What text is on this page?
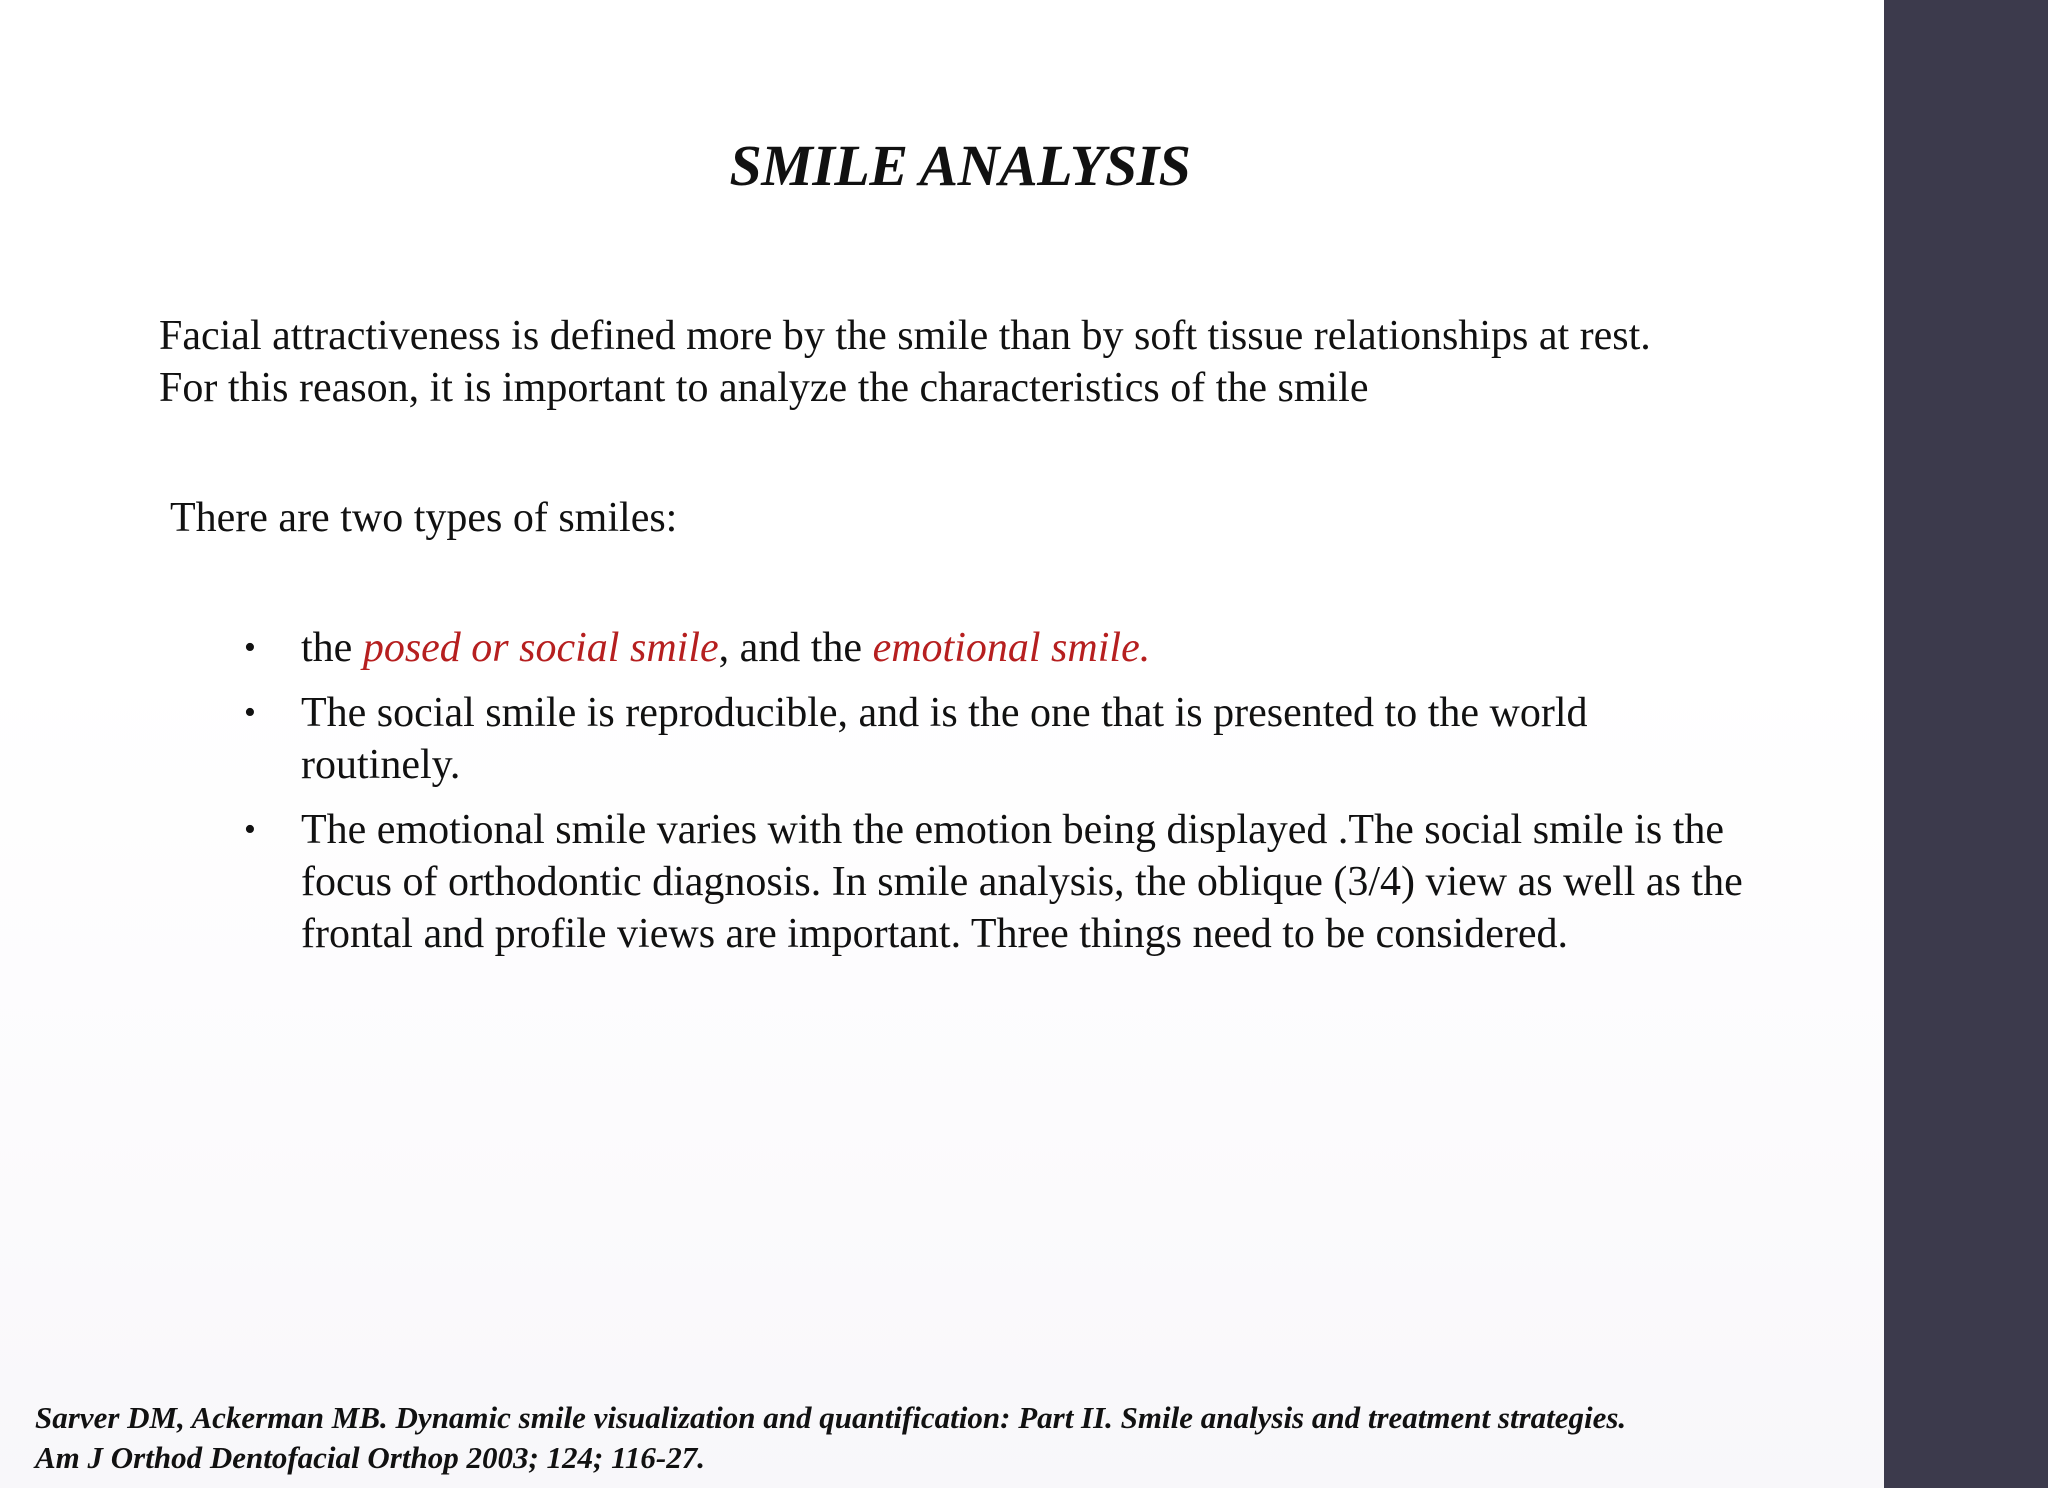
SMILE ANALYSIS

Facial attractiveness is defined more by the smile than by soft tissue relationships at rest.

For this reason, it is important to analyze the characteristics of the smile

There are two types of smiles:
• the posed or social smile, and the emotional smile.
• The social smile is reproducible, and is the one that is presented to the world routinely.
• The emotional smile varies with the emotion being displayed .The social smile is the focus of orthodontic diagnosis. In smile analysis, the oblique (3/4) view as well as the frontal and profile views are important. Three things need to be considered.

Sarver DM, Ackerman MB. Dynamic smile visualization and quantification: Part II. Smile analysis and treatment strategies.

Am J Orthod Dentofacial Orthop 2003; 124; 116-27.
